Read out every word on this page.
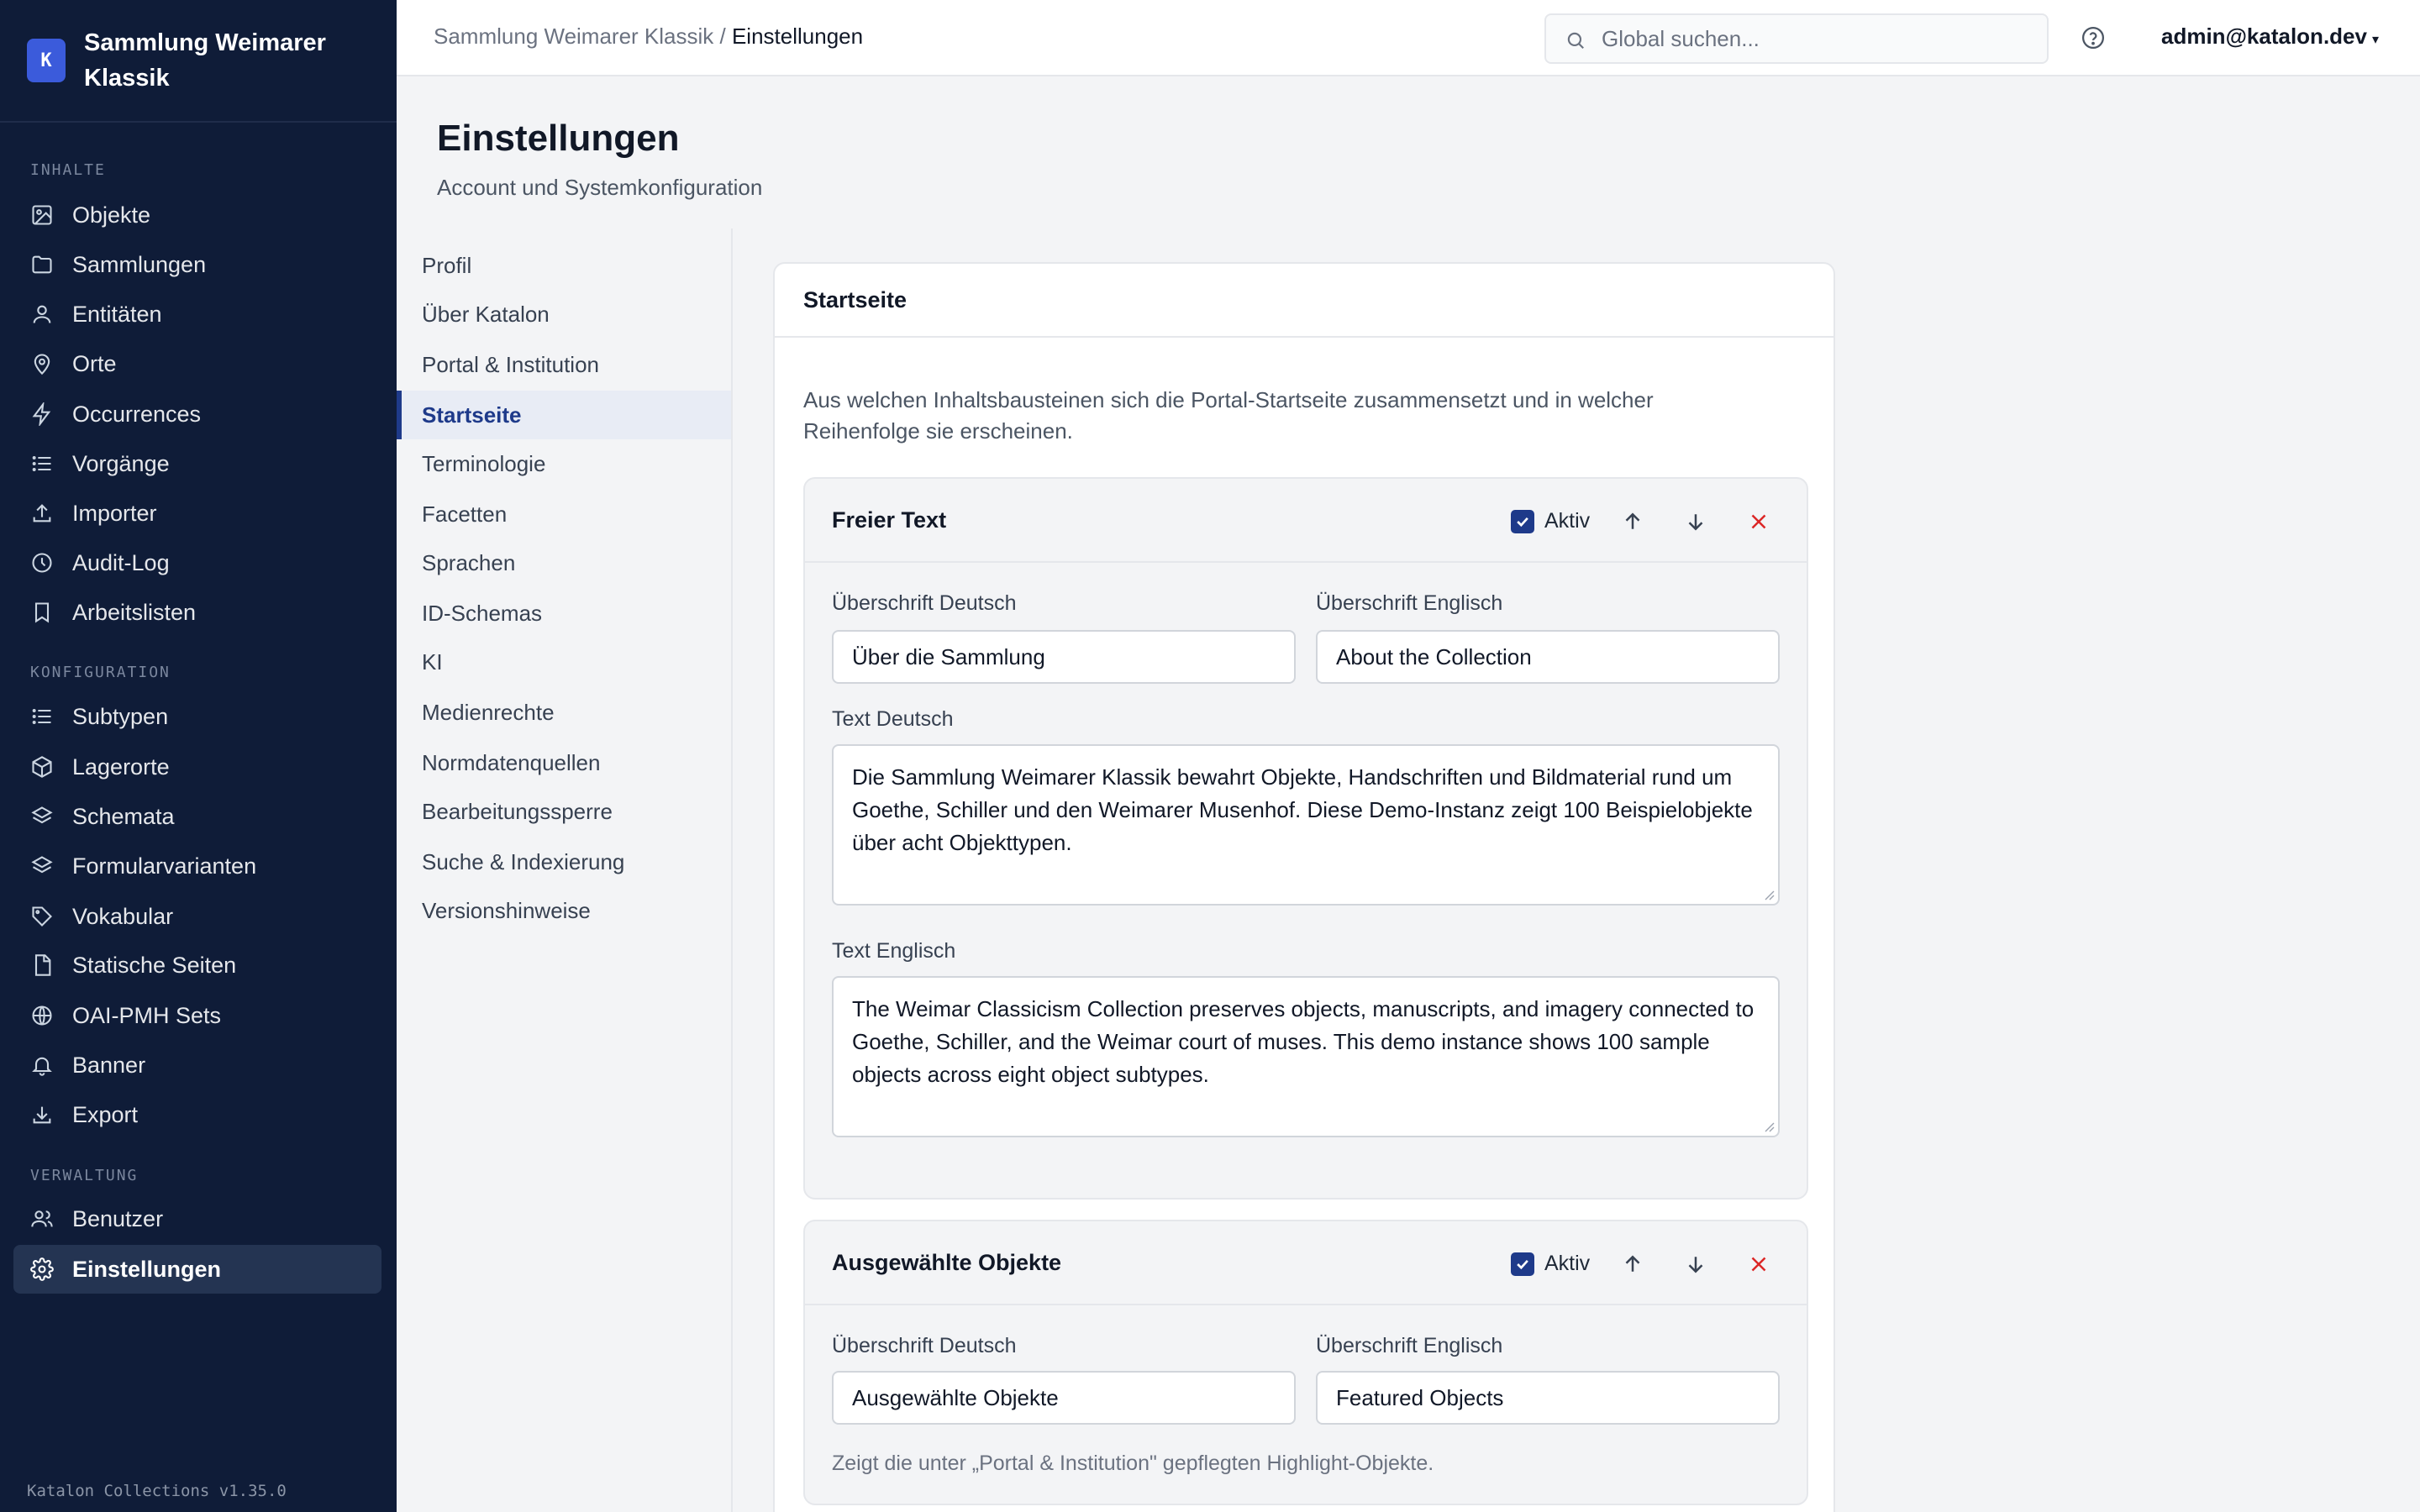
K
Sammlung Weimarer Klassik
INHALTE
KONFIGURATION
VERWALTUNG
Objekte
Sammlungen
Entitäten
Orte
Occurrences
Vorgänge
Importer
Audit-Log
Arbeitslisten
Subtypen
Lagerorte
Schemata
Formularvarianten
Vokabular
Statische Seiten
OAI-PMH Sets
Banner
Export
Benutzer
Einstellungen
Katalon Collections v1.35.0
Sammlung Weimarer Klassik / Einstellungen
Global suchen...	admin@katalon.dev ▾
Einstellungen
Account und Systemkonfiguration
Profil
Über Katalon
Portal & Institution
Startseite
Terminologie
Facetten
Sprachen
ID-Schemas
KI
Medienrechte
Normdatenquellen
Bearbeitungssperre
Suche & Indexierung
Versionshinweise
Startseite

Aus welchen Inhaltsbausteinen sich die Portal-Startseite zusammensetzt und in welcher Reihenfolge sie erscheinen.

Freier Text	Aktiv
Überschrift Deutsch
Über die Sammlung
Überschrift Englisch
About the Collection
Text Deutsch
Die Sammlung Weimarer Klassik bewahrt Objekte, Handschriften und Bildmaterial rund um Goethe, Schiller und den Weimarer Musenhof. Diese Demo-Instanz zeigt 100 Beispielobjekte über acht Objekttypen.
Text Englisch
The Weimar Classicism Collection preserves objects, manuscripts, and imagery connected to Goethe, Schiller, and the Weimar court of muses. This demo instance shows 100 sample objects across eight object subtypes.
Ausgewählte Objekte	Aktiv
Überschrift Deutsch
Ausgewählte Objekte
Überschrift Englisch
Featured Objects
Zeigt die unter „Portal & Institution" gepflegten Highlight-Objekte.
